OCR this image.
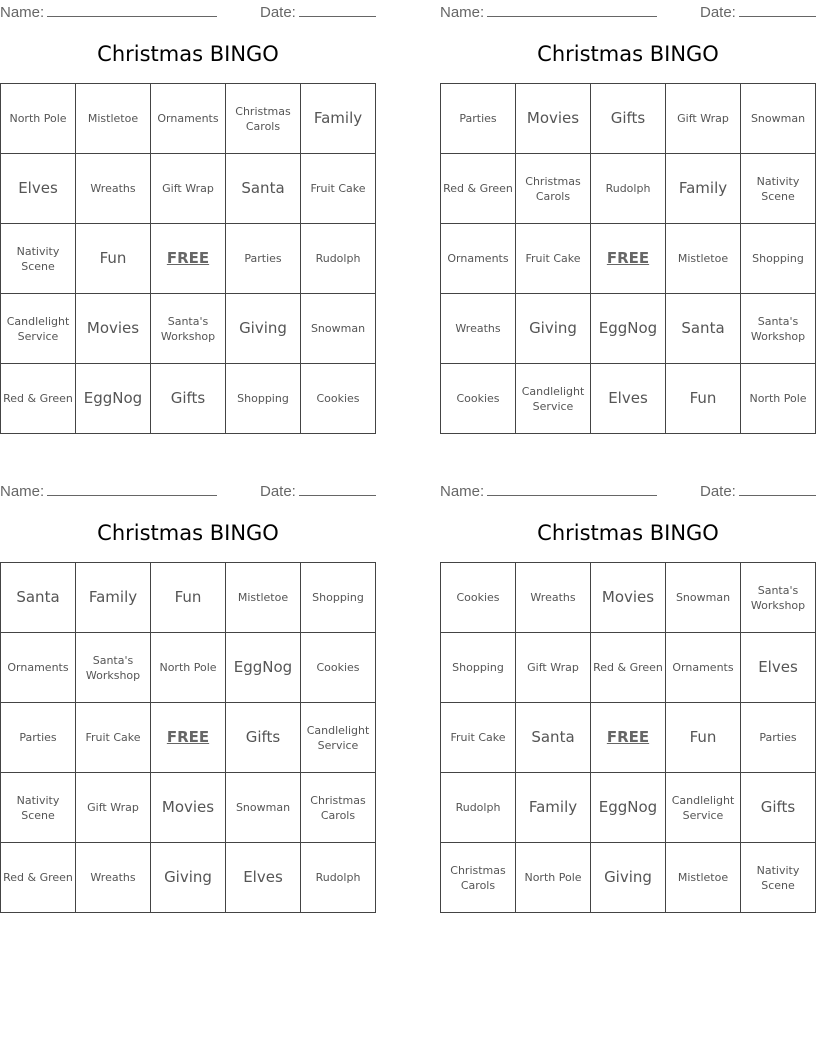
Name:	Date:
Christmas BINGO
North Pole	Mistletoe	Ornaments	Christmas Carols	Family
Elves	Wreaths	Gift Wrap	Santa	Fruit Cake
Nativity Scene	Fun	FREE	Parties	Rudolph
Candlelight Service	Movies	Santa's Workshop	Giving	Snowman
Red & Green	EggNog	Gifts	Shopping	Cookies
Name:	Date:
Christmas BINGO
Parties	Movies	Gifts	Gift Wrap	Snowman
Red & Green	Christmas Carols	Rudolph	Family	Nativity Scene
Ornaments	Fruit Cake	FREE	Mistletoe	Shopping
Wreaths	Giving	EggNog	Santa	Santa's Workshop
Cookies	Candlelight Service	Elves	Fun	North Pole
Name:	Date:
Christmas BINGO
Santa	Family	Fun	Mistletoe	Shopping
Ornaments	Santa's Workshop	North Pole	EggNog	Cookies
Parties	Fruit Cake	FREE	Gifts	Candlelight Service
Nativity Scene	Gift Wrap	Movies	Snowman	Christmas Carols
Red & Green	Wreaths	Giving	Elves	Rudolph
Name:	Date:
Christmas BINGO
Cookies	Wreaths	Movies	Snowman	Santa's Workshop
Shopping	Gift Wrap	Red & Green	Ornaments	Elves
Fruit Cake	Santa	FREE	Fun	Parties
Rudolph	Family	EggNog	Candlelight Service	Gifts
Christmas Carols	North Pole	Giving	Mistletoe	Nativity Scene
